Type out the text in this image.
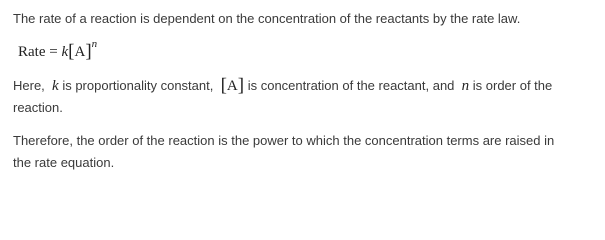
The rate of a reaction is dependent on the concentration of the reactants by the rate law.
Rate = $k[A]^n$
Here, k is proportionality constant, [A] is concentration of the reactant, and n is order of the
reaction.
Therefore, the order of the reaction is the power to which the concentration terms are raised in
the rate equation.
